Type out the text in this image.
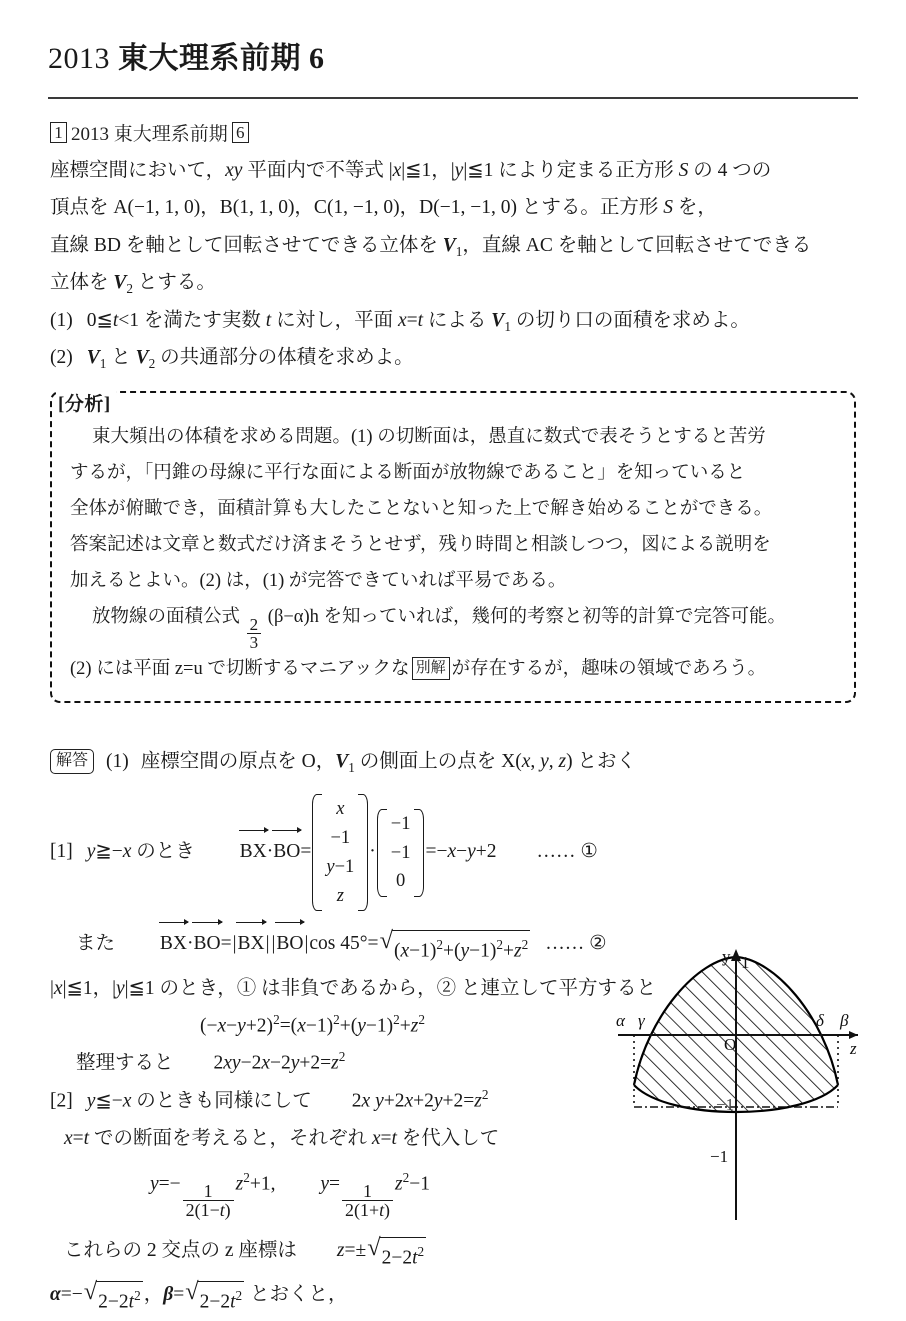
2013 東大理系前期 6
1 2013 東大理系前期 6

座標空間において，xy 平面内で不等式 |x| ≦ 1，|y| ≦ 1 により定まる正方形 S の 4 つの

頂点を A(−1, 1, 0)，B(1, 1, 0)，C(1, −1, 0)，D(−1, −1, 0) とする。正方形 S を，

直線 BD を軸として回転させてできる立体を $V_1$，直線 AC を軸として回転させてできる

立体を $V_2$ とする。

(1) 0 ≦ t<1 を満たす実数 t に対し，平面 x=t による $V_1$ の切り口の面積を求めよ。

(2) $V_1$ と $V_2$ の共通部分の体積を求めよ。

[分析]

東大頻出の体積を求める問題。(1) の切断面は，愚直に数式で表そうとすると苦労

するが，「円錐の母線に平行な面による断面が放物線であること」を知っていると

全体が俯瞰でき，面積計算も大したことないと知った上で解き始めることができる。

答案記述は文章と数式だけ済まそうとせず，残り時間と相談しつつ，図による説明を

加えるとよい。(2) は，(1) が完答できていれば平易である。

放物線の面積公式 $\frac{2}{3} (\beta-\alpha)h$ を知っていれば，幾何的考察と初等的計算で完答可能。

(2) には平面 z=u で切断するマニアックな 別解 が存在するが，趣味の領域であろう。

解答 (1) 座標空間の原点を O，$V_1$ の側面上の点を X(x, y, z) とおく

[1] y≧−x のとき BX·BO=
x
−1
y−1
z
·
−1
−1
0
=−x−y+2 …… ①

また BX·BO=|BX| |BO|cos 45°= √ $(x-1)^2+(y-1)^2+z^2$ …… ②

|x| ≦ 1，|y| ≦ 1 のとき，① は非負であるから，② と連立して平方すると

$(-x-y+2)^2=(x-1)^2+(y-1)^2+z^2$

整理すると $2xy-2x-2y+2=z^2$

[2] y ≦ −x のときも同様にして 2x $y+2x+2y+2=z^2$

x=t での断面を考えると，それぞれ x=t を代入して

$y=- \frac{1}{2(1-t)} z^2+1$, $y= \frac{1}{2(1+t)} z^2-1$

これらの 2 交点の z 座標は z=± √ $2-2t^2$

α=− √ $2-2t^2$ ，β= √ $2-2t^2$ とおくと，

y 1
z
O
α γ	δ β
−1
−1
